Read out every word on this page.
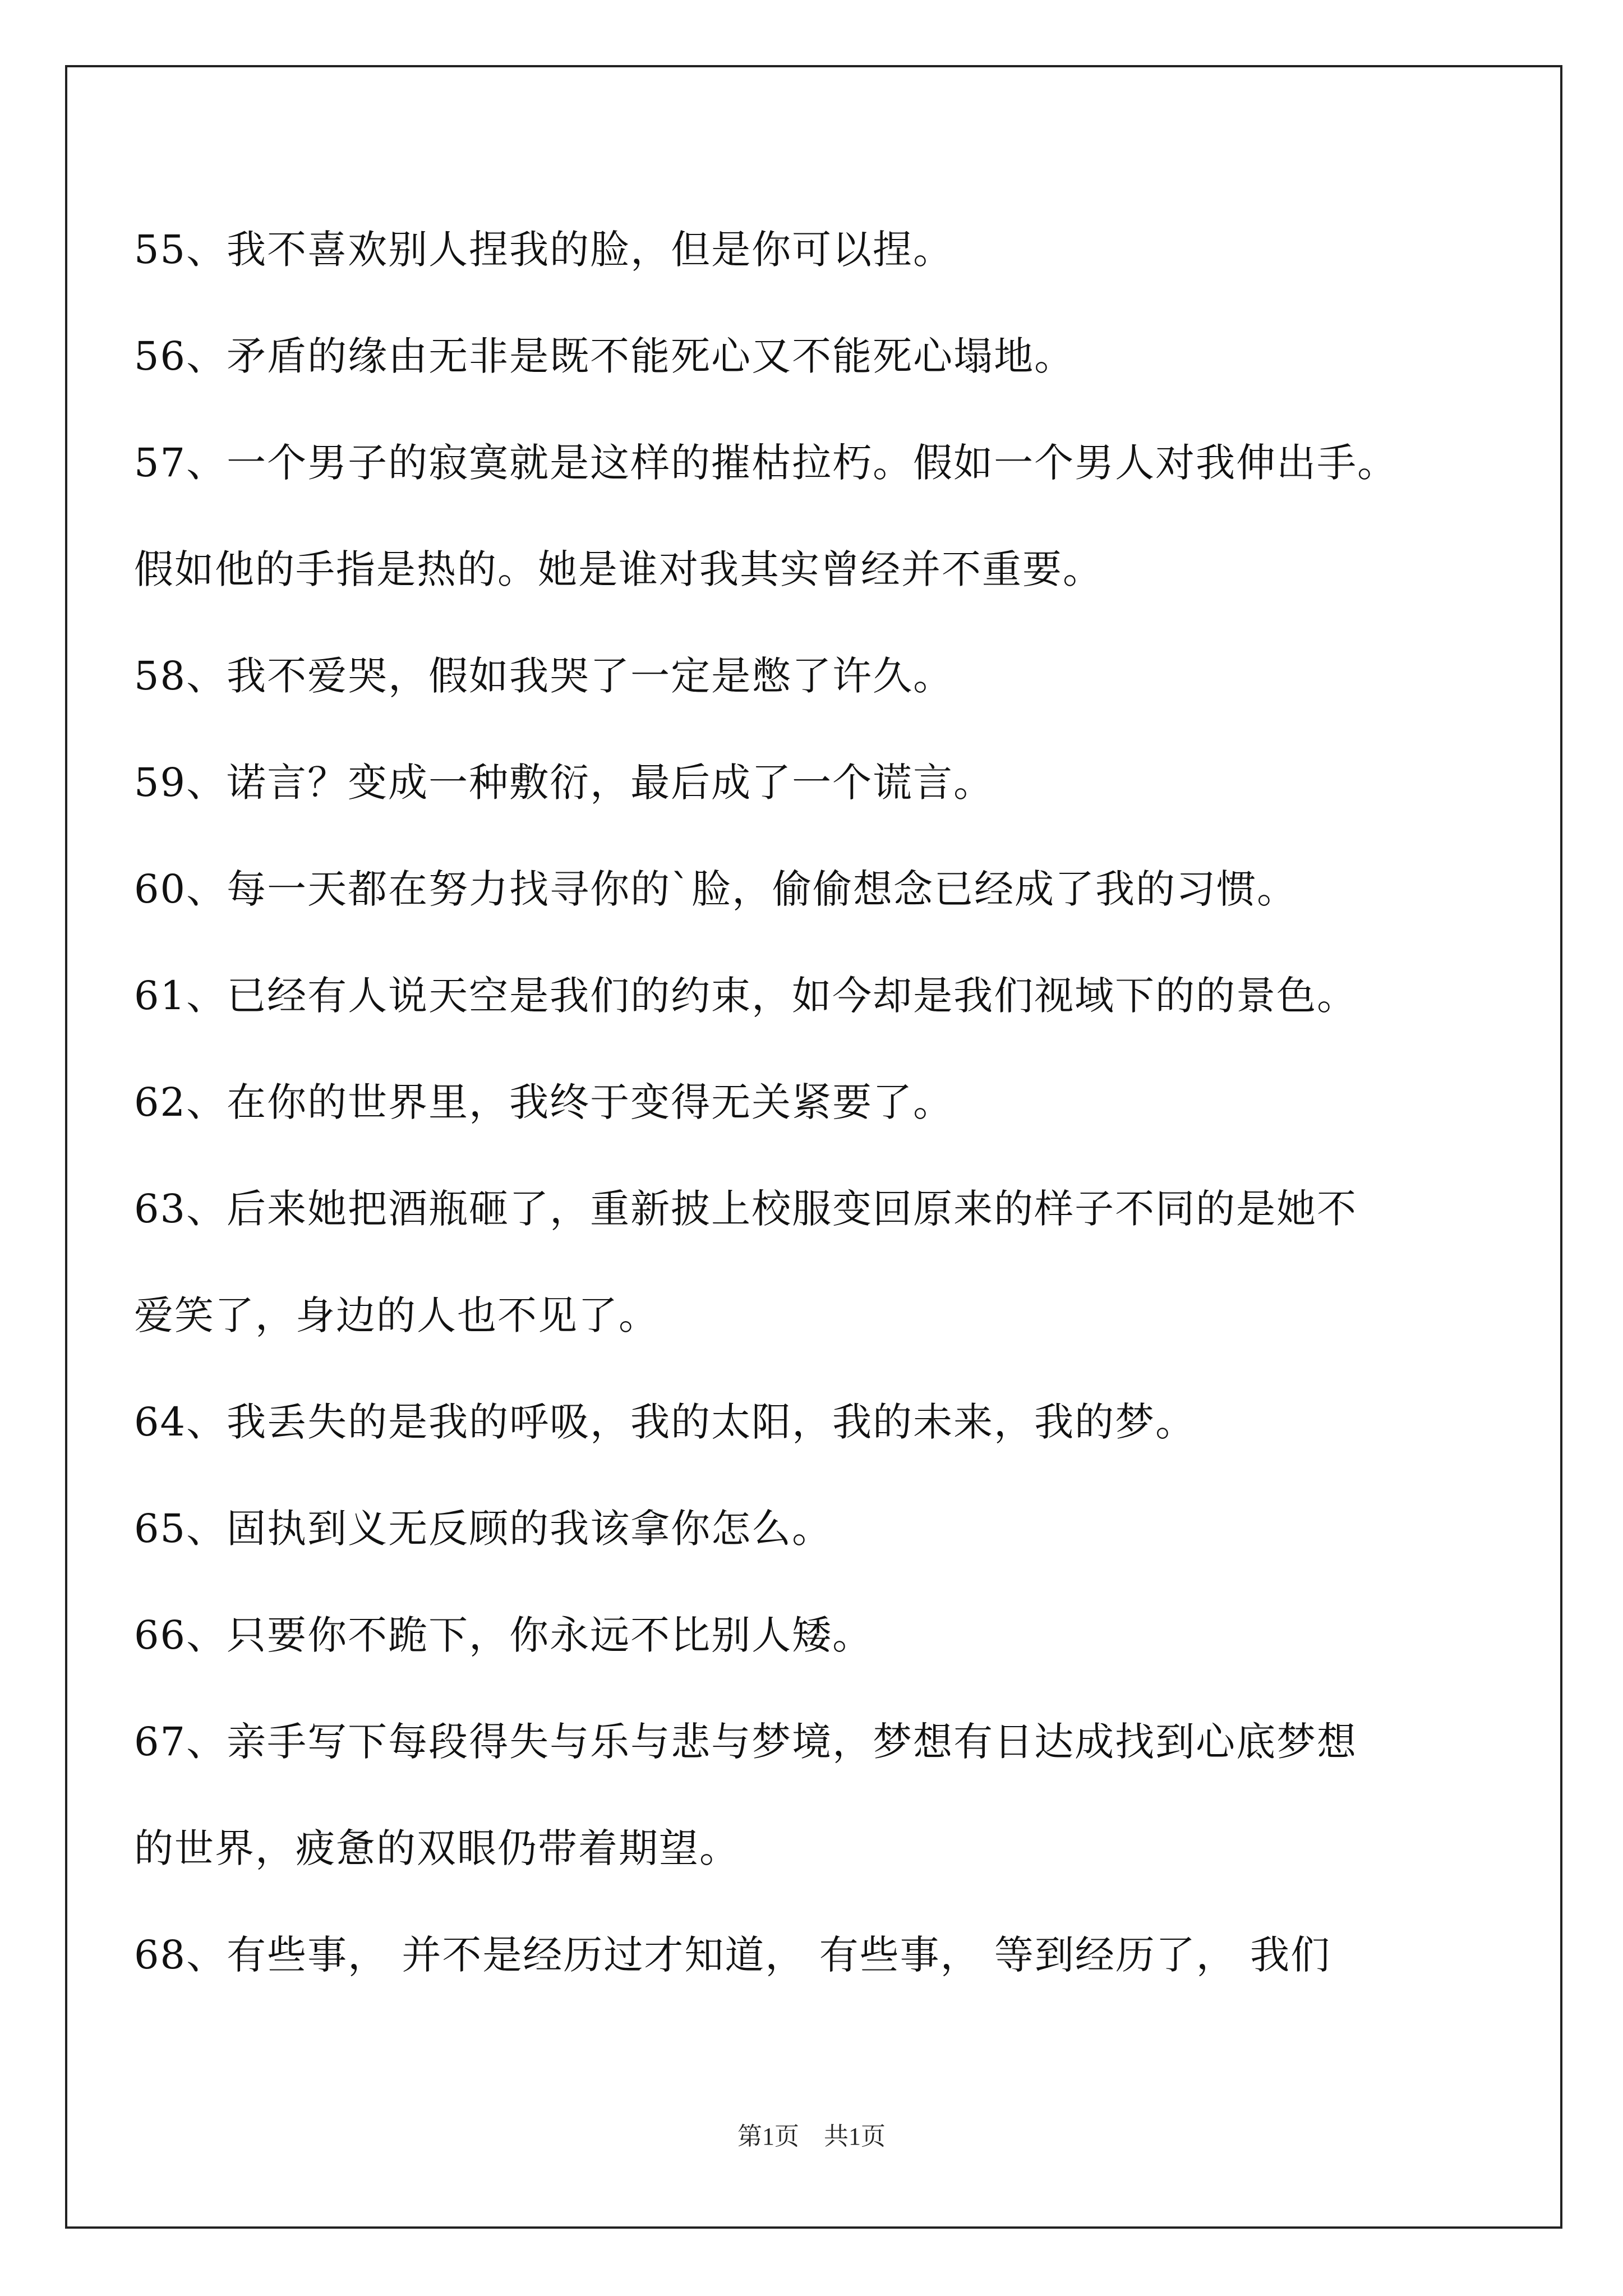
55、我不喜欢别人捏我的脸，但是你可以捏。
56、矛盾的缘由无非是既不能死心又不能死心塌地。
57、一个男子的寂寞就是这样的摧枯拉朽。假如一个男人对我伸出手。
假如他的手指是热的。她是谁对我其实曾经并不重要。
58、我不爱哭，假如我哭了一定是憋了许久。
59、诺言？变成一种敷衍，最后成了一个谎言。
60、每一天都在努力找寻你的`脸，偷偷想念已经成了我的习惯。
61、已经有人说天空是我们的约束，如今却是我们视域下的的景色。
62、在你的世界里，我终于变得无关紧要了。
63、后来她把酒瓶砸了，重新披上校服变回原来的样子不同的是她不
爱笑了，身边的人也不见了。
64、我丢失的是我的呼吸，我的太阳，我的未来，我的梦。
65、固执到义无反顾的我该拿你怎么。
66、只要你不跪下，你永远不比别人矮。
67、亲手写下每段得失与乐与悲与梦境，梦想有日达成找到心底梦想
的世界，疲惫的双眼仍带着期望。
68、有些事， 并不是经历过才知道， 有些事， 等到经历了， 我们
第1页　共1页
